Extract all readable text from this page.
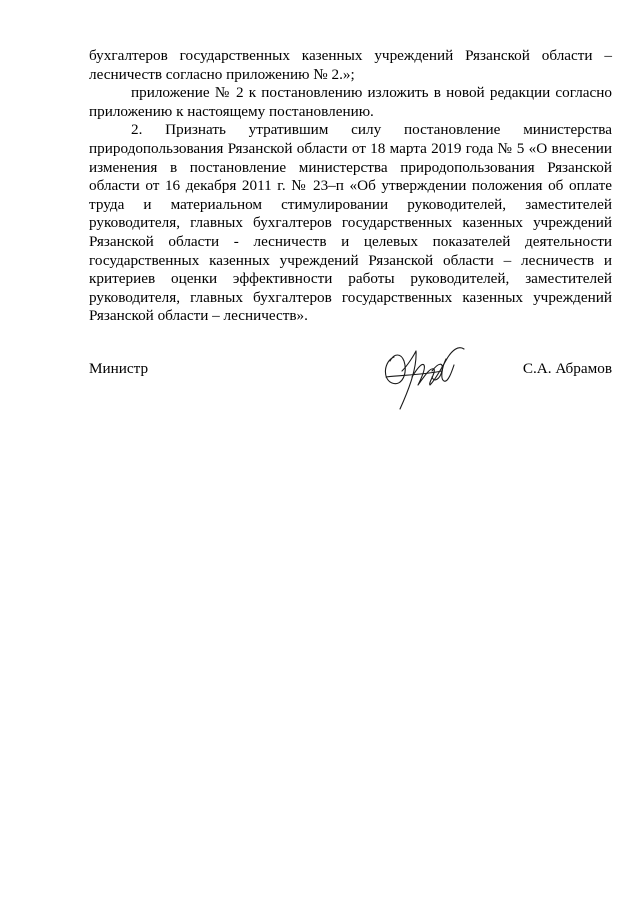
бухгалтеров государственных казенных учреждений Рязанской области – лесничеств согласно приложению № 2.»;

приложение № 2 к постановлению изложить в новой редакции согласно приложению к настоящему постановлению.

2. Признать утратившим силу постановление министерства природопользования Рязанской области от 18 марта 2019 года № 5 «О внесении изменения в постановление министерства природопользования Рязанской области от 16 декабря 2011 г. № 23–п «Об утверждении положения об оплате труда и материальном стимулировании руководителей, заместителей руководителя, главных бухгалтеров государственных казенных учреждений Рязанской области - лесничеств и целевых показателей деятельности государственных казенных учреждений Рязанской области – лесничеств и критериев оценки эффективности работы руководителей, заместителей руководителя, главных бухгалтеров государственных казенных учреждений Рязанской области – лесничеств».

Министр	С.А. Абрамов
